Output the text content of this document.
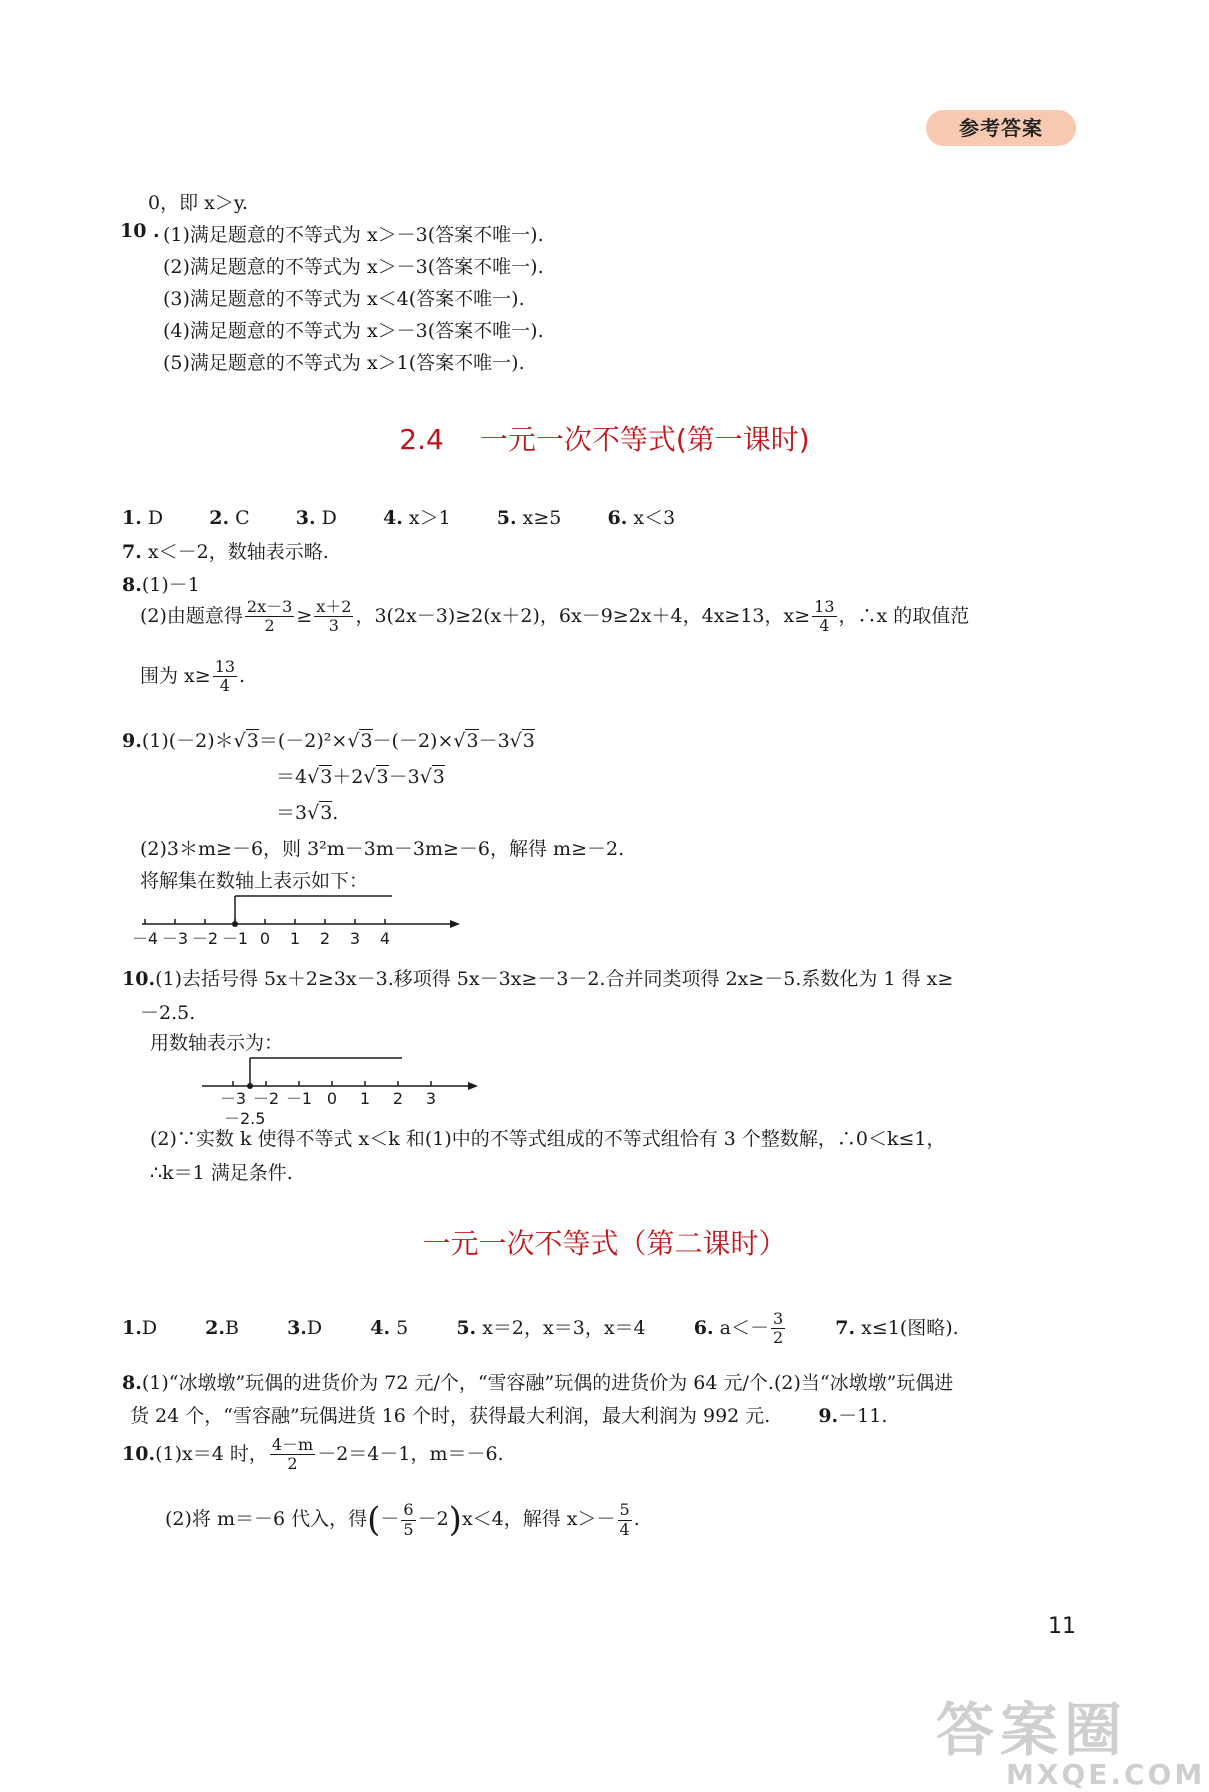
参考答案
0，即 x＞y.
10 . (1)满足题意的不等式为 x＞－3(答案不唯一).
(2)满足题意的不等式为 x＞－3(答案不唯一).
(3)满足题意的不等式为 x＜4(答案不唯一).
(4)满足题意的不等式为 x＞－3(答案不唯一).
(5)满足题意的不等式为 x＞1(答案不唯一).
2.4 一元一次不等式(第一课时)
1. D 2. C 3. D 4. x＞1 5. x≥5 6. x＜3
7. x＜－2，数轴表示略.
8.(1)－1
(2)由题意得 $\frac{2x-3}{2} \ge \frac{x+2}{3}$ ，3(2x－3)≥2(x＋2)，6x－9≥2x＋4，4x≥13，$x\ge \frac{13}{4}$ ，∴x 的取值范
围为 $x\ge \frac{13}{4}$ .
9.(1)(－2)＊√3＝(－2)²×√3－(－2)×√3－3√3
＝4√3＋2√3－3√3
＝3√3.
(2)3＊m≥－6，则 3²m－3m－3m≥－6，解得 m≥－2.
将解集在数轴上表示如下：
－4 －3 －2 －1 0 1 2 3 4
10.(1)去括号得 5x＋2≥3x－3.移项得 5x－3x≥－3－2.合并同类项得 2x≥－5.系数化为 1 得 x≥
－2.5.
用数轴表示为：
－3 －2 －1 0 1 2 3
－2.5
(2)∵实数 k 使得不等式 x＜k 和(1)中的不等式组成的不等式组恰有 3 个整数解，∴0＜k≤1，
∴k＝1 满足条件.
一元一次不等式（第二课时）
1.D	2.B	3.D	4. 5	5. x＝2，x＝3，x＝4	6. $a<- \frac{3}{2}$	7. x≤1(图略).
8.(1)“冰墩墩”玩偶的进货价为 72 元/个，“雪容融”玩偶的进货价为 64 元/个.(2)当“冰墩墩”玩偶进
货 24 个，“雪容融”玩偶进货 16 个时，获得最大利润，最大利润为 992 元.	9.－11.
10.(1)x＝4 时， $\frac{4-m}{2} -2=4-1$，m＝－6.
(2)将 m＝－6 代入，得(－ $\frac{6}{5} -2)x<4$，解得 $x>- \frac{5}{4}$ .
11
答案圈
MXQE.COM
